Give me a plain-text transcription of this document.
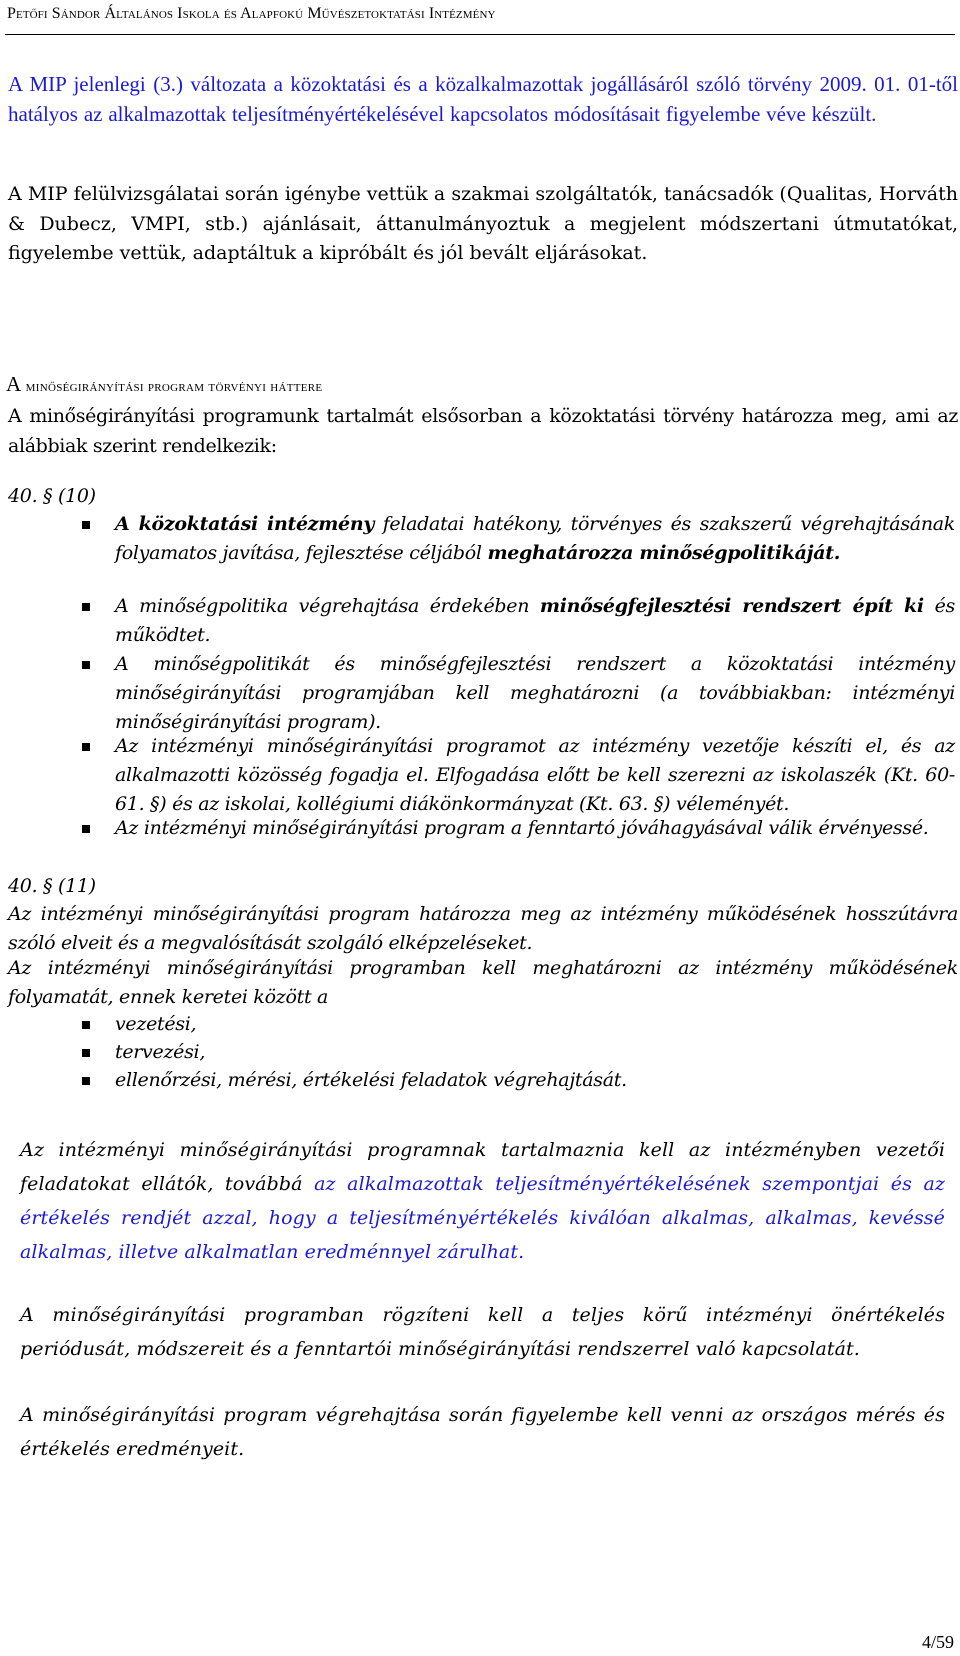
Petőfi Sándor Általános Iskola és Alapfokú Művészetoktatási Intézmény
A MIP jelenlegi (3.) változata a közoktatási és a közalkalmazottak jogállásáról szóló törvény 2009. 01. 01-től hatályos az alkalmazottak teljesítményértékelésével kapcsolatos módosításait figyelembe véve készült.
A MIP felülvizsgálatai során igénybe vettük a szakmai szolgáltatók, tanácsadók (Qualitas, Horváth & Dubecz, VMPI, stb.) ajánlásait, áttanulmányoztuk a megjelent módszertani útmutatókat, figyelembe vettük, adaptáltuk a kipróbált és jól bevált eljárásokat.
A minőségirányítási program törvényi háttere
A minőségirányítási programunk tartalmát elsősorban a közoktatási törvény határozza meg, ami az alábbiak szerint rendelkezik:
40. § (10)
A közoktatási intézmény feladatai hatékony, törvényes és szakszerű végrehajtásának folyamatos javítása, fejlesztése céljából meghatározza minőségpolitikáját.
A minőségpolitika végrehajtása érdekében minőségfejlesztési rendszert épít ki és működtet.
A minőségpolitikát és minőségfejlesztési rendszert a közoktatási intézmény minőségirányítási programjában kell meghatározni (a továbbiakban: intézményi minőségirányítási program).
Az intézményi minőségirányítási programot az intézmény vezetője készíti el, és az alkalmazotti közösség fogadja el. Elfogadása előtt be kell szerezni az iskolaszék (Kt. 60-61. §) és az iskolai, kollégiumi diákönkormányzat (Kt. 63. §) véleményét.
Az intézményi minőségirányítási program a fenntartó jóváhagyásával válik érvényessé.
40. § (11)
Az intézményi minőségirányítási program határozza meg az intézmény működésének hosszútávra szóló elveit és a megvalósítását szolgáló elképzeléseket.
Az intézményi minőségirányítási programban kell meghatározni az intézmény működésének folyamatát, ennek keretei között a
vezetési,
tervezési,
ellenőrzési, mérési, értékelési feladatok végrehajtását.
Az intézményi minőségirányítási programnak tartalmaznia kell az intézményben vezetői feladatokat ellátók, továbbá az alkalmazottak teljesítményértékelésének szempontjai és az értékelés rendjét azzal, hogy a teljesítményértékelés kiválóan alkalmas, alkalmas, kevéssé alkalmas, illetve alkalmatlan eredménnyel zárulhat.
A minőségirányítási programban rögzíteni kell a teljes körű intézményi önértékelés periódusát, módszereit és a fenntartói minőségirányítási rendszerrel való kapcsolatát.
A minőségirányítási program végrehajtása során figyelembe kell venni az országos mérés és értékelés eredményeit.
4/59
